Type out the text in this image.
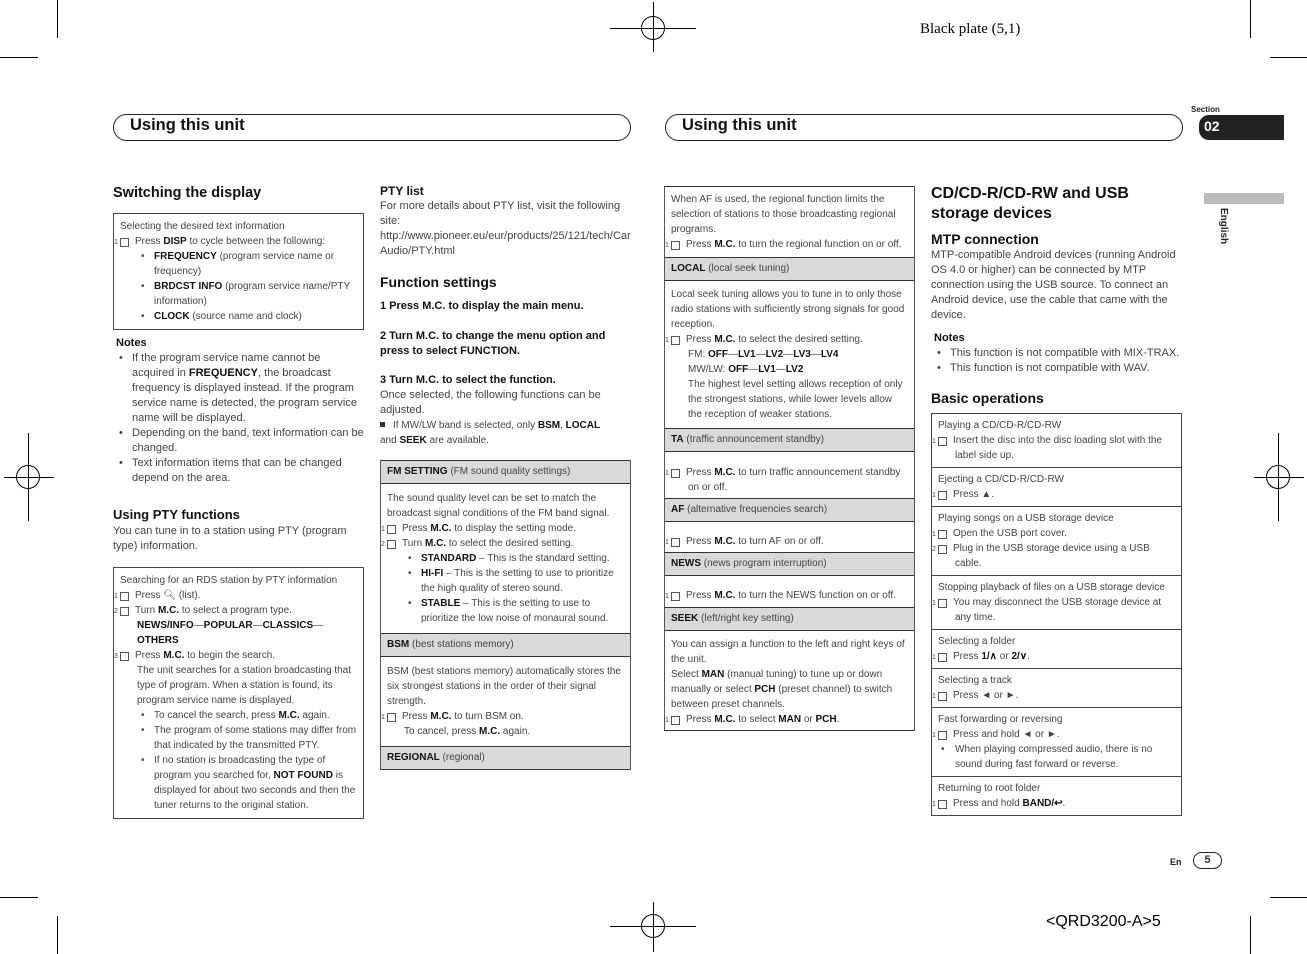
Black plate (5,1)
<QRD3200-A>5
Using this unit	Using this unit
Section
02
English
Switching the display
Selecting the desired text information
1 Press DISP to cycle between the following:
• FREQUENCY (program service name or frequency)
• BRDCST INFO (program service name/PTY information)
• CLOCK (source name and clock)
Notes
• If the program service name cannot be acquired in FREQUENCY, the broadcast frequency is displayed instead. If the program service name is detected, the program service name will be displayed.
• Depending on the band, text information can be changed.
• Text information items that can be changed depend on the area.
Using PTY functions
You can tune in to a station using PTY (program type) information.
Searching for an RDS station by PTY information
1 Press 🔍︎ (list).
2 Turn M.C. to select a program type.
NEWS/INFO—POPULAR—CLASSICS—
OTHERS
3 Press M.C. to begin the search.
The unit searches for a station broadcasting that type of program. When a station is found, its program service name is displayed.
• To cancel the search, press M.C. again.
• The program of some stations may differ from that indicated by the transmitted PTY.
• If no station is broadcasting the type of program you searched for, NOT FOUND is displayed for about two seconds and then the tuner returns to the original station.
PTY list
For more details about PTY list, visit the following site:
http://www.pioneer.eu/eur/products/25/121/tech/CarAudio/PTY.html
Function settings
1 Press M.C. to display the main menu.
2 Turn M.C. to change the menu option and press to select FUNCTION.
3 Turn M.C. to select the function.
Once selected, the following functions can be adjusted.
If MW/LW band is selected, only BSM, LOCAL
and SEEK are available.
FM SETTING (FM sound quality settings)
The sound quality level can be set to match the broadcast signal conditions of the FM band signal.
1 Press M.C. to display the setting mode.
2 Turn M.C. to select the desired setting.
• STANDARD – This is the standard setting.
• HI-FI – This is the setting to use to prioritize the high quality of stereo sound.
• STABLE – This is the setting to use to prioritize the low noise of monaural sound.
BSM (best stations memory)
BSM (best stations memory) automatically stores the six strongest stations in the order of their signal strength.
1 Press M.C. to turn BSM on.
To cancel, press M.C. again.
REGIONAL (regional)
When AF is used, the regional function limits the selection of stations to those broadcasting regional programs.
1 Press M.C. to turn the regional function on or off.
LOCAL (local seek tuning)
Local seek tuning allows you to tune in to only those radio stations with sufficiently strong signals for good reception.
1 Press M.C. to select the desired setting.
FM: OFF—LV1—LV2—LV3—LV4
MW/LW: OFF—LV1—LV2
The highest level setting allows reception of only the strongest stations, while lower levels allow the reception of weaker stations.
TA (traffic announcement standby)
1 Press M.C. to turn traffic announcement standby on or off.
AF (alternative frequencies search)
1 Press M.C. to turn AF on or off.
NEWS (news program interruption)
1 Press M.C. to turn the NEWS function on or off.
SEEK (left/right key setting)
You can assign a function to the left and right keys of the unit.
Select MAN (manual tuning) to tune up or down manually or select PCH (preset channel) to switch between preset channels.
1 Press M.C. to select MAN or PCH.
CD/CD-R/CD-RW and USB storage devices
MTP connection
MTP-compatible Android devices (running Android OS 4.0 or higher) can be connected by MTP connection using the USB source. To connect an Android device, use the cable that came with the device.
Notes
• This function is not compatible with MIX-TRAX.
• This function is not compatible with WAV.
Basic operations
Playing a CD/CD-R/CD-RW
1 Insert the disc into the disc loading slot with the label side up.
Ejecting a CD/CD-R/CD-RW
1 Press ▲.
Playing songs on a USB storage device
1 Open the USB port cover.
2 Plug in the USB storage device using a USB cable.
Stopping playback of files on a USB storage device
1 You may disconnect the USB storage device at any time.
Selecting a folder
1 Press 1/∧ or 2/∨.
Selecting a track
1 Press ◄ or ►.
Fast forwarding or reversing
1 Press and hold ◄ or ►.
• When playing compressed audio, there is no sound during fast forward or reverse.
Returning to root folder
1 Press and hold BAND/↩.
En	5
